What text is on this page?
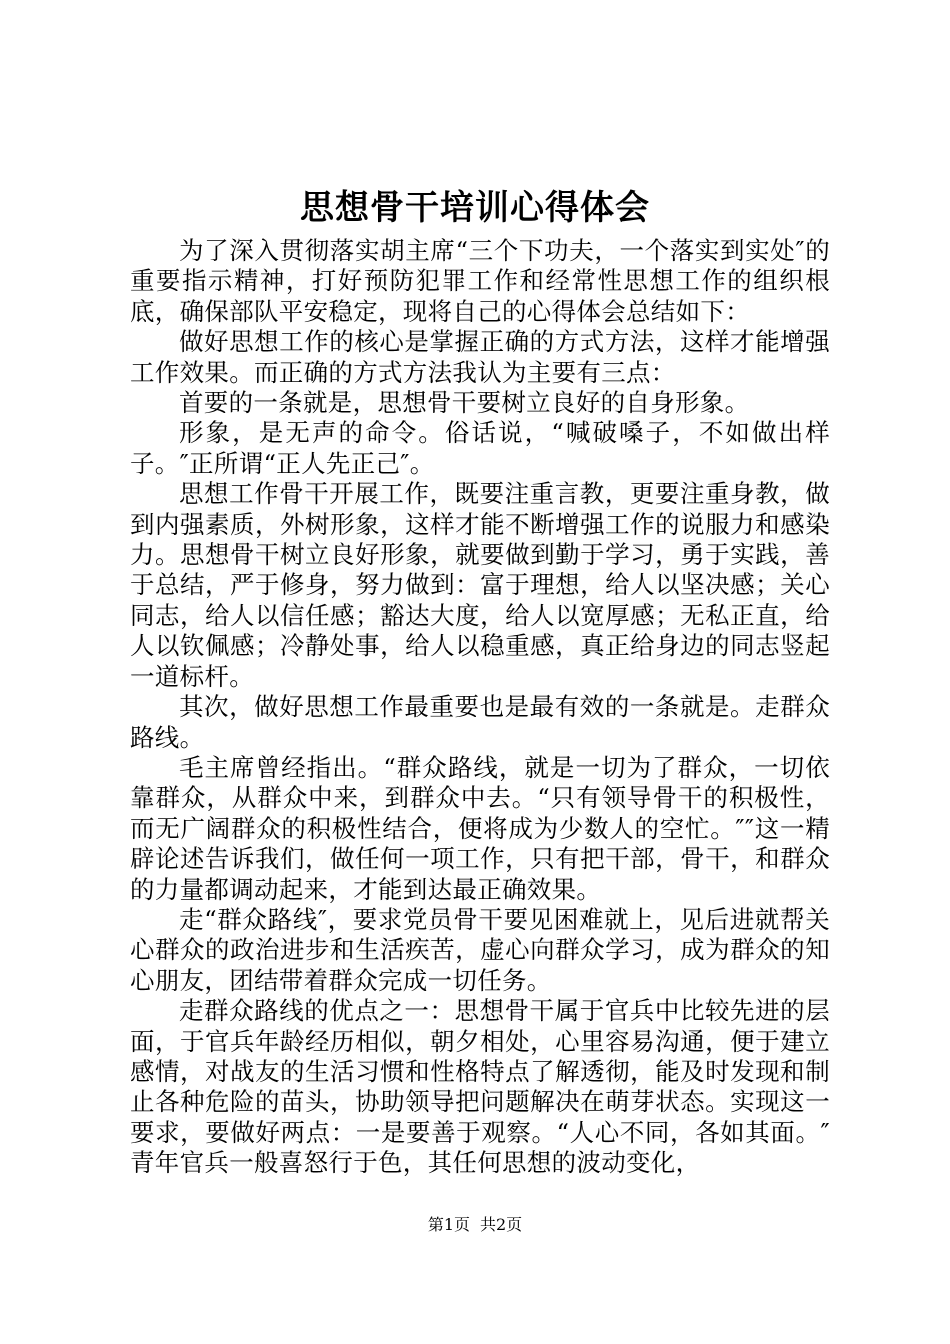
思想骨干培训心得体会

为了深入贯彻落实胡主席“三个下功夫，一个落实到实处″的重要指示精神，打好预防犯罪工作和经常性思想工作的组织根底，确保部队平安稳定，现将自己的心得体会总结如下：

做好思想工作的核心是掌握正确的方式方法，这样才能增强工作效果。而正确的方式方法我认为主要有三点：

首要的一条就是，思想骨干要树立良好的自身形象。

形象，是无声的命令。俗话说，“喊破嗓子，不如做出样子。″正所谓“正人先正己″。

思想工作骨干开展工作，既要注重言教，更要注重身教，做到内强素质，外树形象，这样才能不断增强工作的说服力和感染力。思想骨干树立良好形象，就要做到勤于学习，勇于实践，善于总结，严于修身，努力做到：富于理想，给人以坚决感；关心同志，给人以信任感；豁达大度，给人以宽厚感；无私正直，给人以钦佩感；冷静处事，给人以稳重感，真正给身边的同志竖起一道标杆。

其次，做好思想工作最重要也是最有效的一条就是。走群众路线。

毛主席曾经指出。“群众路线，就是一切为了群众，一切依靠群众，从群众中来，到群众中去。“只有领导骨干的积极性，而无广阔群众的积极性结合，便将成为少数人的空忙。″″这一精辟论述告诉我们，做任何一项工作，只有把干部，骨干，和群众的力量都调动起来，才能到达最正确效果。

走“群众路线″，要求党员骨干要见困难就上，见后进就帮关心群众的政治进步和生活疾苦，虚心向群众学习，成为群众的知心朋友，团结带着群众完成一切任务。

走群众路线的优点之一：思想骨干属于官兵中比较先进的层面，于官兵年龄经历相似，朝夕相处，心里容易沟通，便于建立感情，对战友的生活习惯和性格特点了解透彻，能及时发现和制止各种危险的苗头，协助领导把问题解决在萌芽状态。实现这一要求，要做好两点：一是要善于观察。“人心不同，各如其面。″青年官兵一般喜怒行于色，其任何思想的波动变化，

第1页 共2页
